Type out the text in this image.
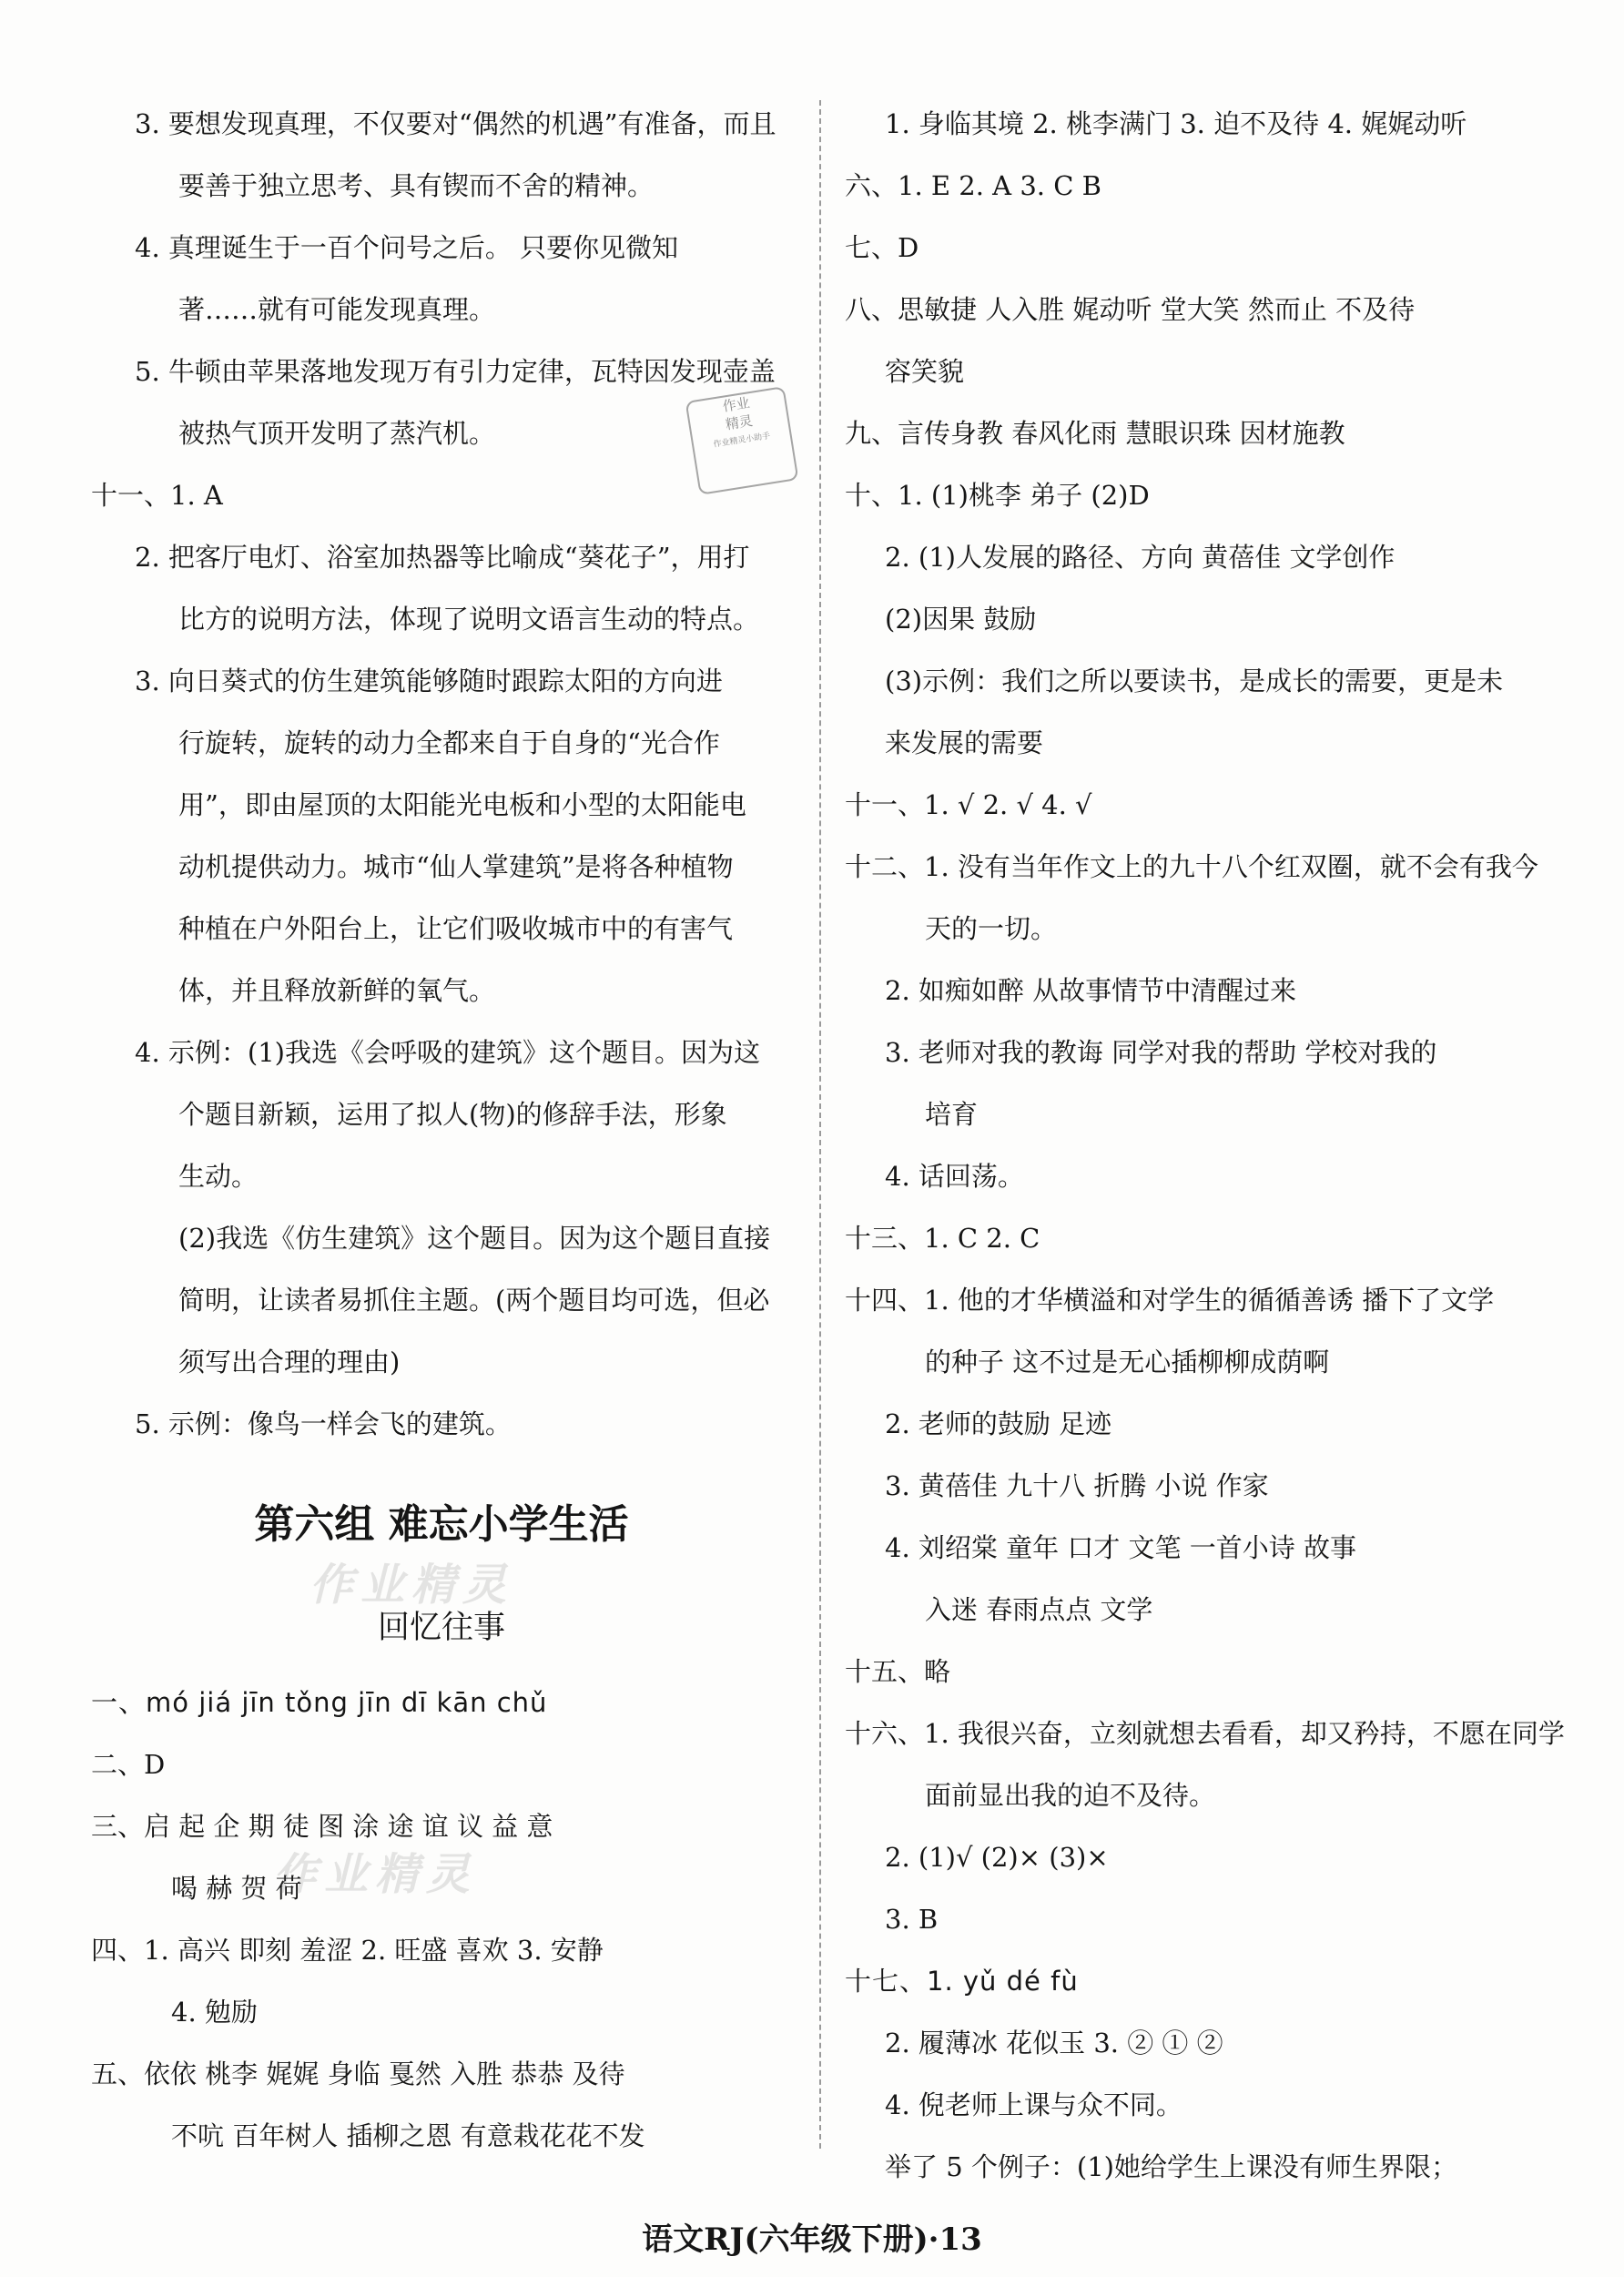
3. 要想发现真理，不仅要对“偶然的机遇”有准备，而且
要善于独立思考、具有锲而不舍的精神。
4. 真理诞生于一百个问号之后。 只要你见微知
著……就有可能发现真理。
5. 牛顿由苹果落地发现万有引力定律，瓦特因发现壶盖
被热气顶开发明了蒸汽机。
十一、1. A
2. 把客厅电灯、浴室加热器等比喻成“葵花子”，用打
比方的说明方法，体现了说明文语言生动的特点。
3. 向日葵式的仿生建筑能够随时跟踪太阳的方向进
行旋转，旋转的动力全都来自于自身的“光合作
用”，即由屋顶的太阳能光电板和小型的太阳能电
动机提供动力。城市“仙人掌建筑”是将各种植物
种植在户外阳台上，让它们吸收城市中的有害气
体，并且释放新鲜的氧气。
4. 示例：(1)我选《会呼吸的建筑》这个题目。因为这
个题目新颖，运用了拟人(物)的修辞手法，形象
生动。
(2)我选《仿生建筑》这个题目。因为这个题目直接
简明，让读者易抓住主题。(两个题目均可选，但必
须写出合理的理由)
5. 示例：像鸟一样会飞的建筑。
作业
精灵
作业精灵小助手
第六组 难忘小学生活
作业精灵
回忆往事
一、mó jiá jīn tǒng jīn dī kān chǔ
二、D
三、启 起 企 期 徒 图 涂 途 谊 议 益 意
喝 赫 贺 荷
四、1. 高兴 即刻 羞涩 2. 旺盛 喜欢 3. 安静
4. 勉励
五、依依 桃李 娓娓 身临 戛然 入胜 恭恭 及待
不吭 百年树人 插柳之恩 有意栽花花不发
作业精灵
1. 身临其境 2. 桃李满门 3. 迫不及待 4. 娓娓动听
六、1. E 2. A 3. C B
七、D
八、思敏捷 人入胜 娓动听 堂大笑 然而止 不及待
容笑貌
九、言传身教 春风化雨 慧眼识珠 因材施教
十、1. (1)桃李 弟子 (2)D
2. (1)人发展的路径、方向 黄蓓佳 文学创作
(2)因果 鼓励
(3)示例：我们之所以要读书，是成长的需要，更是未
来发展的需要
十一、1. √ 2. √ 4. √
十二、1. 没有当年作文上的九十八个红双圈，就不会有我今
天的一切。
2. 如痴如醉 从故事情节中清醒过来
3. 老师对我的教诲 同学对我的帮助 学校对我的
培育
4. 话回荡。
十三、1. C 2. C
十四、1. 他的才华横溢和对学生的循循善诱 播下了文学
的种子 这不过是无心插柳柳成荫啊
2. 老师的鼓励 足迹
3. 黄蓓佳 九十八 折腾 小说 作家
4. 刘绍棠 童年 口才 文笔 一首小诗 故事
入迷 春雨点点 文学
十五、略
十六、1. 我很兴奋，立刻就想去看看，却又矜持，不愿在同学
面前显出我的迫不及待。
2. (1)√ (2)× (3)×
3. B
十七、1. yǔ dé fù
2. 履薄冰 花似玉 3. ② ① ②
4. 倪老师上课与众不同。
举了 5 个例子：(1)她给学生上课没有师生界限；
语文RJ(六年级下册)·13
